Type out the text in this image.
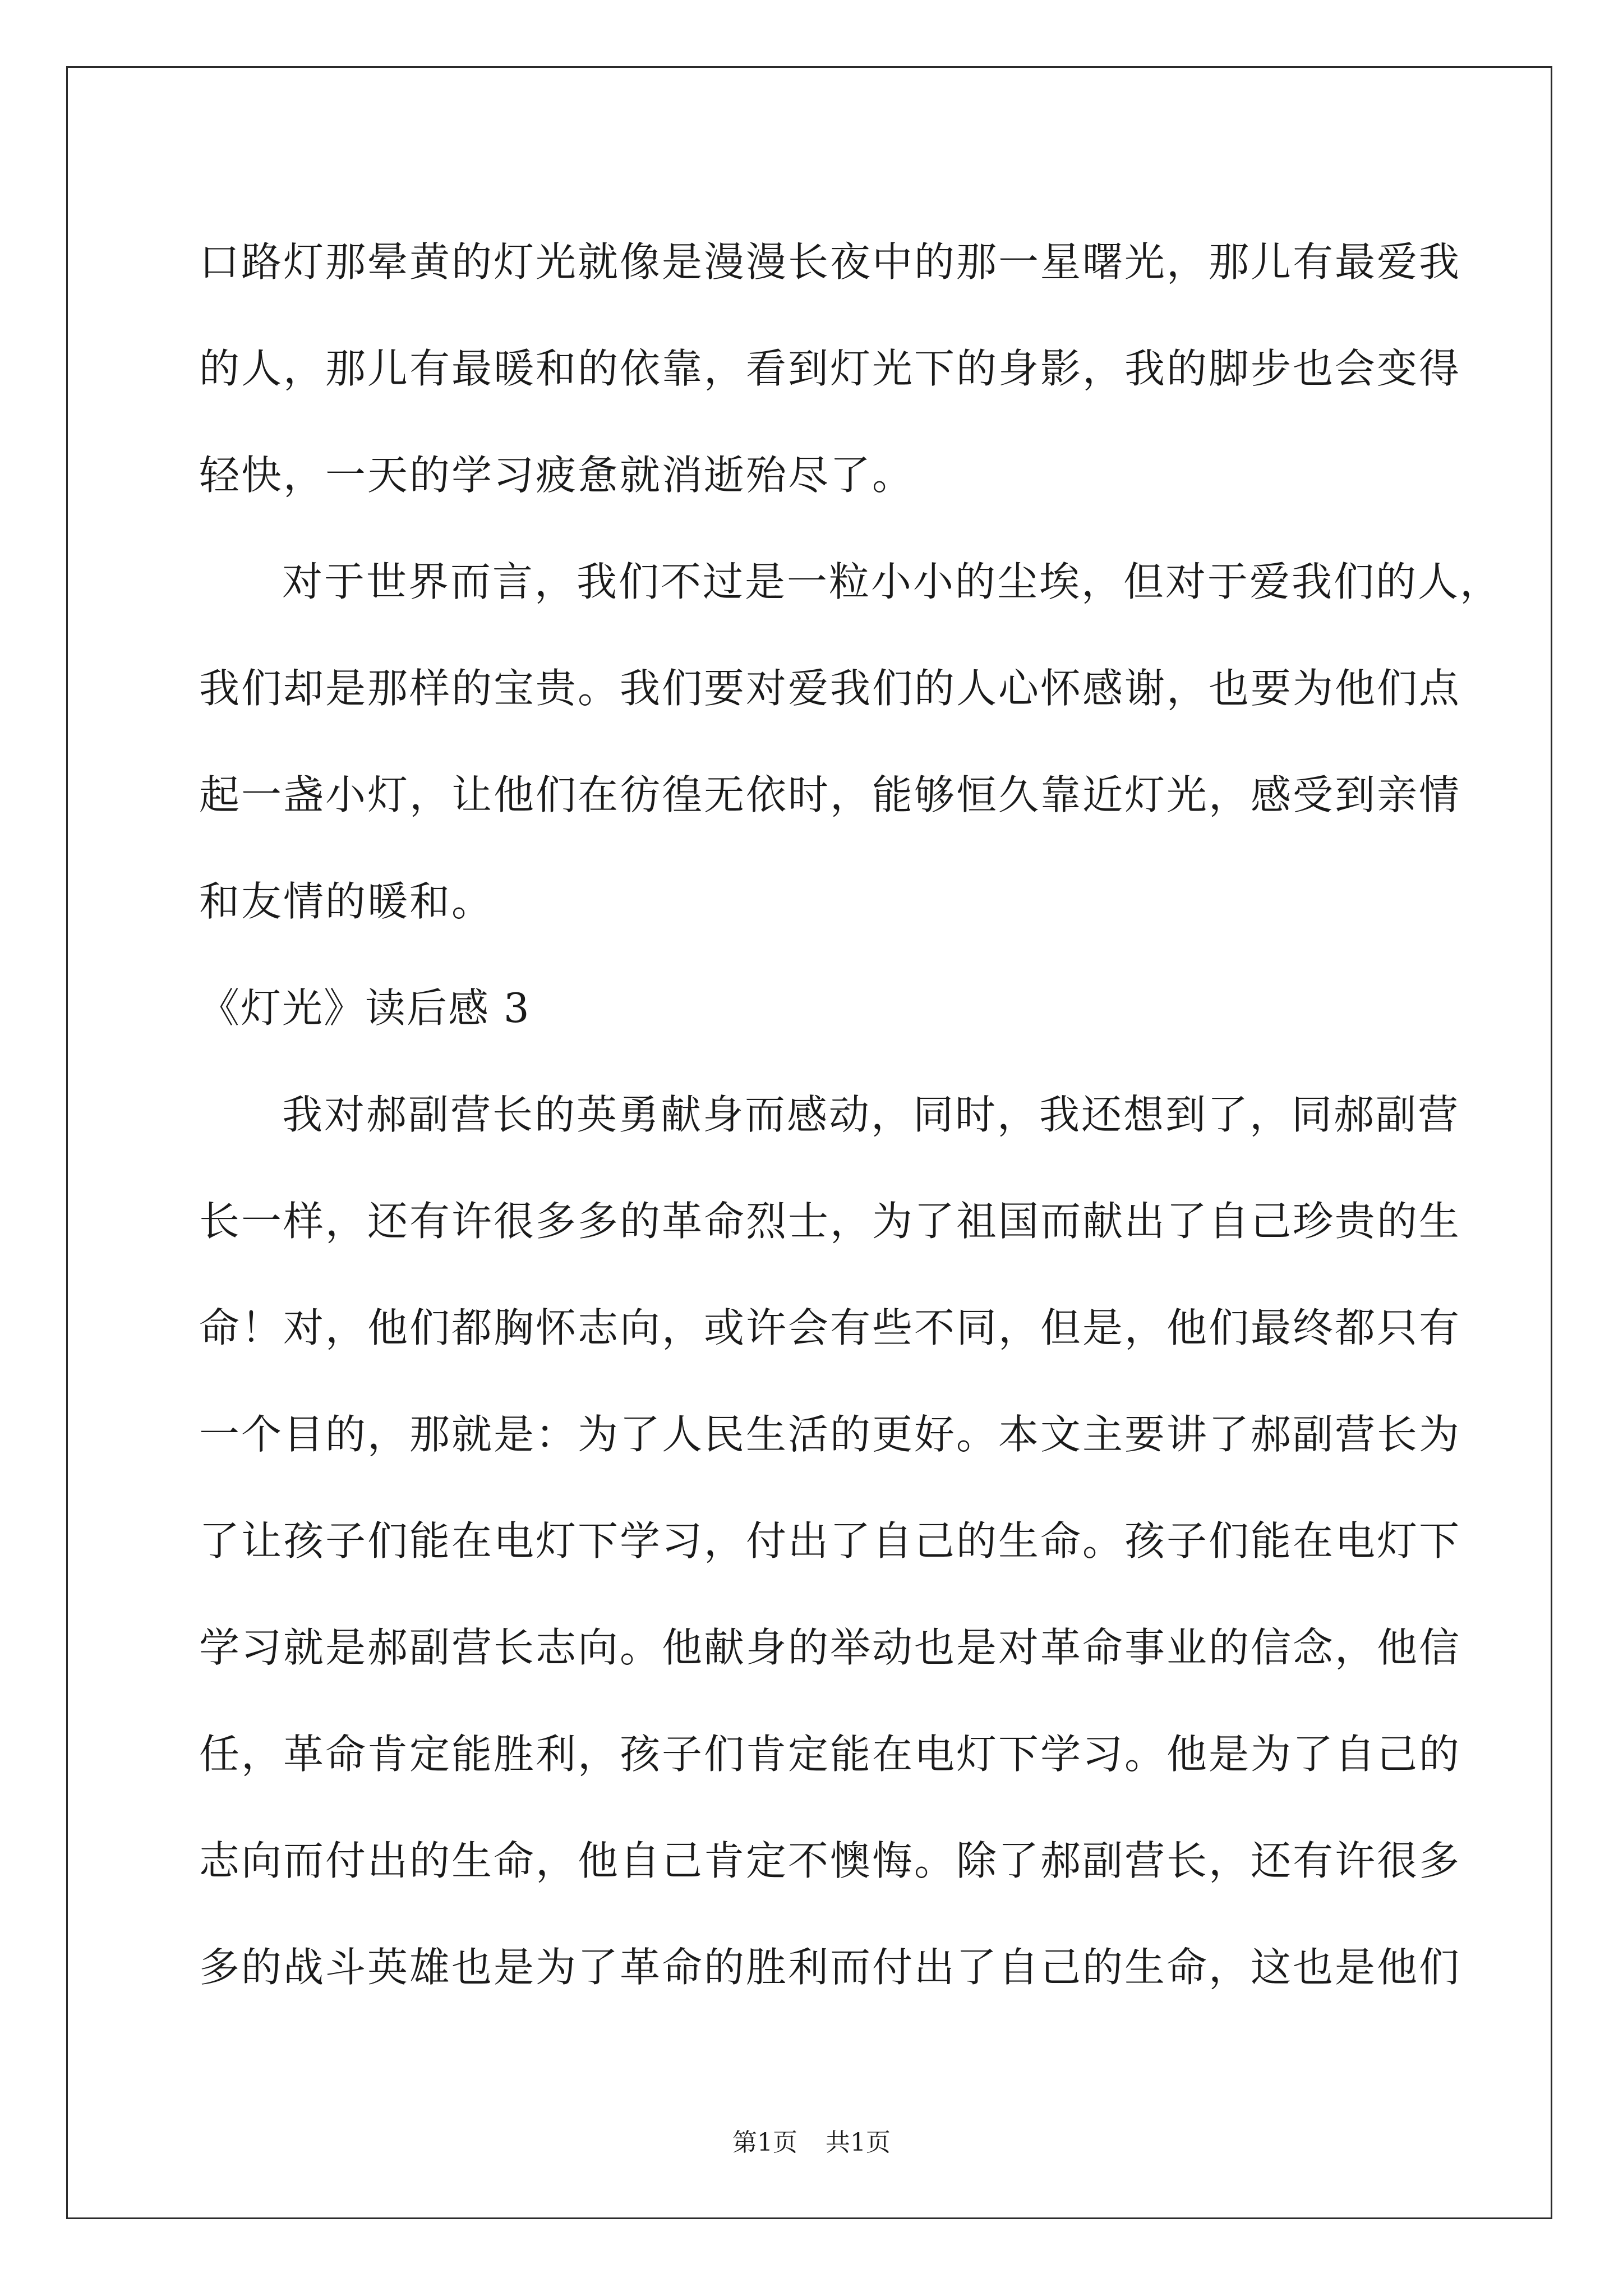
口路灯那晕黄的灯光就像是漫漫长夜中的那一星曙光，那儿有最爱我
的人，那儿有最暖和的依靠，看到灯光下的身影，我的脚步也会变得
轻快，一天的学习疲惫就消逝殆尽了。
对于世界而言，我们不过是一粒小小的尘埃，但对于爱我们的人，
我们却是那样的宝贵。我们要对爱我们的人心怀感谢，也要为他们点
起一盏小灯，让他们在彷徨无依时，能够恒久靠近灯光，感受到亲情
和友情的暖和。
《灯光》读后感 3
我对郝副营长的英勇献身而感动，同时，我还想到了，同郝副营
长一样，还有许很多多的革命烈士，为了祖国而献出了自己珍贵的生
命！对，他们都胸怀志向，或许会有些不同，但是，他们最终都只有
一个目的，那就是：为了人民生活的更好。本文主要讲了郝副营长为
了让孩子们能在电灯下学习，付出了自己的生命。孩子们能在电灯下
学习就是郝副营长志向。他献身的举动也是对革命事业的信念，他信
任，革命肯定能胜利，孩子们肯定能在电灯下学习。他是为了自己的
志向而付出的生命，他自己肯定不懊悔。除了郝副营长，还有许很多
多的战斗英雄也是为了革命的胜利而付出了自己的生命，这也是他们
第1页 共1页
